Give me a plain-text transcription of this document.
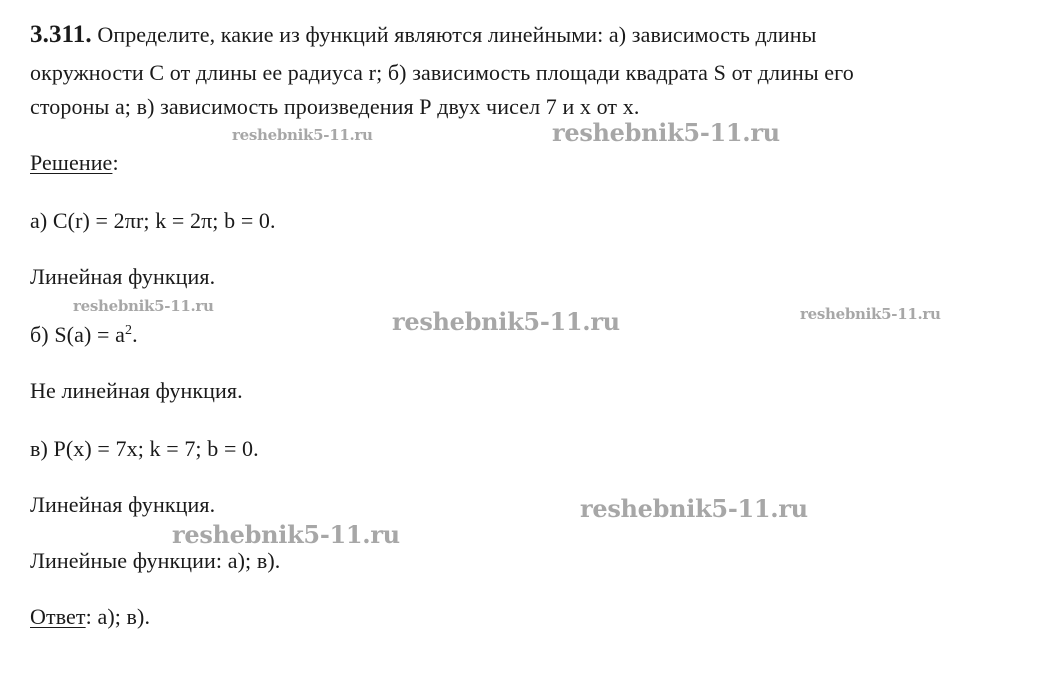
3.311. Определите, какие из функций являются линейными: а) зависимость длины
окружности С от длины ее радиуса r; б) зависимость площади квадрата S от длины его
стороны а; в) зависимость произведения Р двух чисел 7 и х от х.
Решение:
а) C(r) = 2πr; k = 2π; b = 0.
Линейная функция.
б) $S(а) = a^2$.
Не линейная функция.
в) Р(х) = 7х; k = 7; b = 0.
Линейная функция.
Линейные функции: а); в).
Ответ: а); в).
reshebnik5-11.ru	reshebnik5-11.ru
reshebnik5-11.ru
reshebnik5-11.ru	reshebnik5-11.ru
reshebnik5-11.ru
reshebnik5-11.ru
